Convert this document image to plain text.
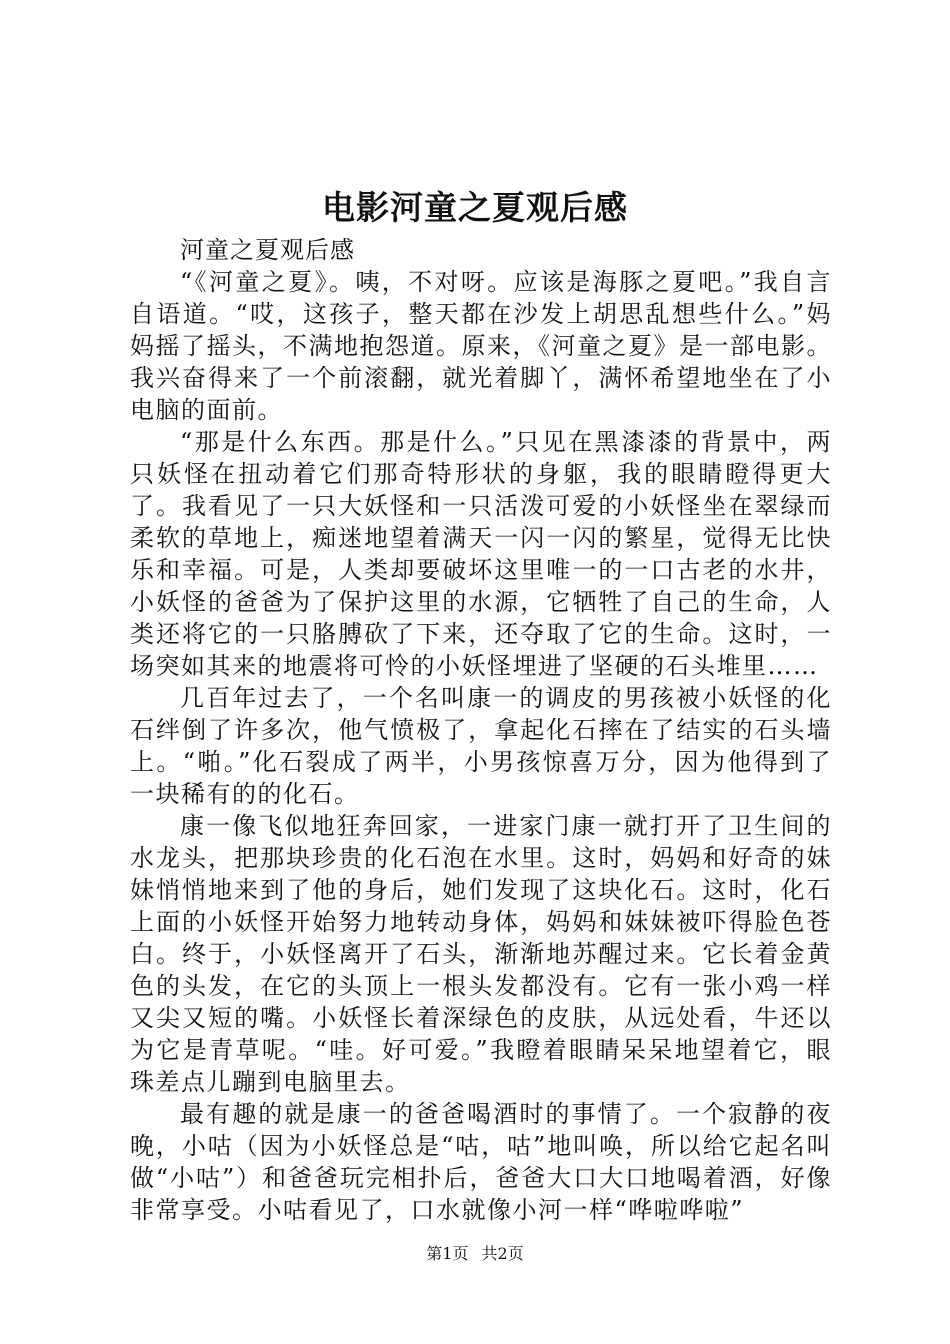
电影河童之夏观后感

河童之夏观后感

“《河童之夏》。咦，不对呀。应该是海豚之夏吧。”我自言自语道。“哎，这孩子，整天都在沙发上胡思乱想些什么。”妈妈摇了摇头，不满地抱怨道。原来，《河童之夏》是一部电影。我兴奋得来了一个前滚翻，就光着脚丫，满怀希望地坐在了小电脑的面前。

“那是什么东西。那是什么。”只见在黑漆漆的背景中，两只妖怪在扭动着它们那奇特形状的身躯，我的眼睛瞪得更大了。我看见了一只大妖怪和一只活泼可爱的小妖怪坐在翠绿而柔软的草地上，痴迷地望着满天一闪一闪的繁星，觉得无比快乐和幸福。可是，人类却要破坏这里唯一的一口古老的水井，小妖怪的爸爸为了保护这里的水源，它牺牲了自己的生命，人类还将它的一只胳膊砍了下来，还夺取了它的生命。这时，一场突如其来的地震将可怜的小妖怪埋进了坚硬的石头堆里……

几百年过去了，一个名叫康一的调皮的男孩被小妖怪的化石绊倒了许多次，他气愤极了，拿起化石摔在了结实的石头墙上。“啪。”化石裂成了两半，小男孩惊喜万分，因为他得到了一块稀有的的化石。

康一像飞似地狂奔回家，一进家门康一就打开了卫生间的水龙头，把那块珍贵的化石泡在水里。这时，妈妈和好奇的妹妹悄悄地来到了他的身后，她们发现了这块化石。这时，化石上面的小妖怪开始努力地转动身体，妈妈和妹妹被吓得脸色苍白。终于，小妖怪离开了石头，渐渐地苏醒过来。它长着金黄色的头发，在它的头顶上一根头发都没有。它有一张小鸡一样又尖又短的嘴。小妖怪长着深绿色的皮肤，从远处看，牛还以为它是青草呢。“哇。好可爱。”我瞪着眼睛呆呆地望着它，眼珠差点儿蹦到电脑里去。

最有趣的就是康一的爸爸喝酒时的事情了。一个寂静的夜晚，小咕（因为小妖怪总是“咕，咕”地叫唤，所以给它起名叫做“小咕”）和爸爸玩完相扑后，爸爸大口大口地喝着酒，好像非常享受。小咕看见了，口水就像小河一样“哗啦哗啦”

第1页 共2页
